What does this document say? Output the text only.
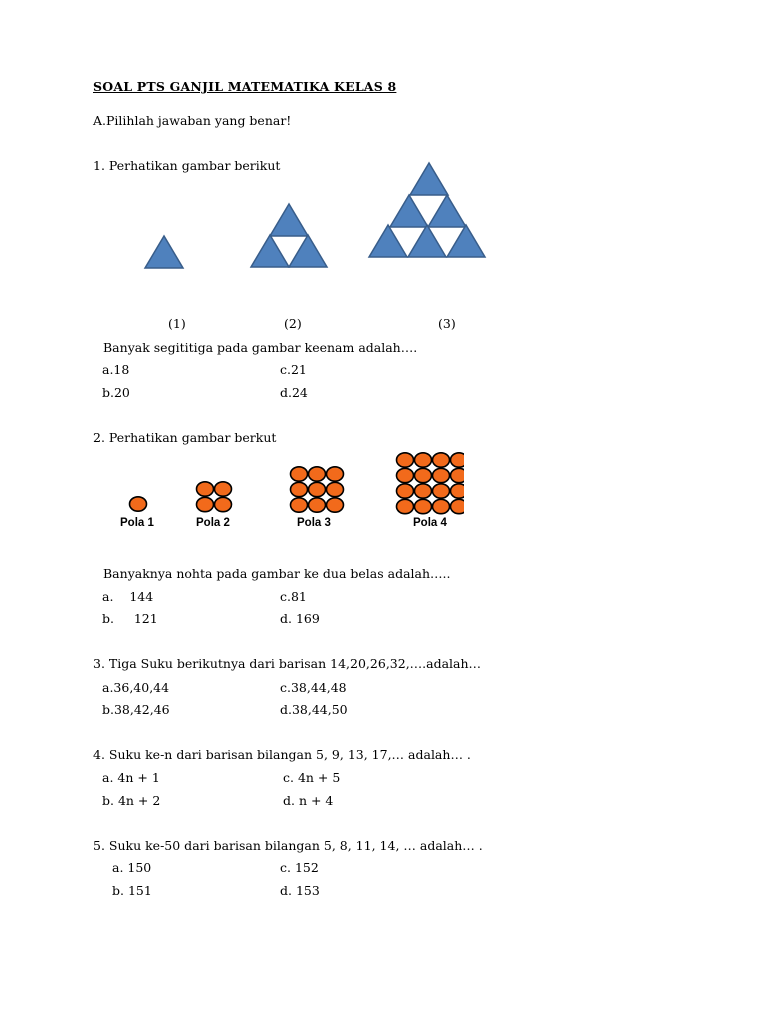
SOAL PTS GANJIL MATEMATIKA KELAS 8
A.Pilihlah jawaban yang benar!
1. Perhatikan gambar berikut
(1)	(2)	(3)
Banyak segititiga pada gambar keenam adalah….
a.18	c.21
b.20	d.24
2. Perhatikan gambar berkut
Pola 1	Pola 2	Pola 3	Pola 4
Banyaknya nohta pada gambar ke dua belas adalah…..
a.    144	c.81
b.     121	d. 169
3. Tiga Suku berikutnya dari barisan 14,20,26,32,….adalah…
a.36,40,44	c.38,44,48
b.38,42,46	d.38,44,50
4. Suku ke-n dari barisan bilangan 5, 9, 13, 17,… adalah… .
a. 4n + 1	c. 4n + 5
b. 4n + 2	d. n + 4
5. Suku ke-50 dari barisan bilangan 5, 8, 11, 14, … adalah… .
a. 150	c. 152
b. 151	d. 153
